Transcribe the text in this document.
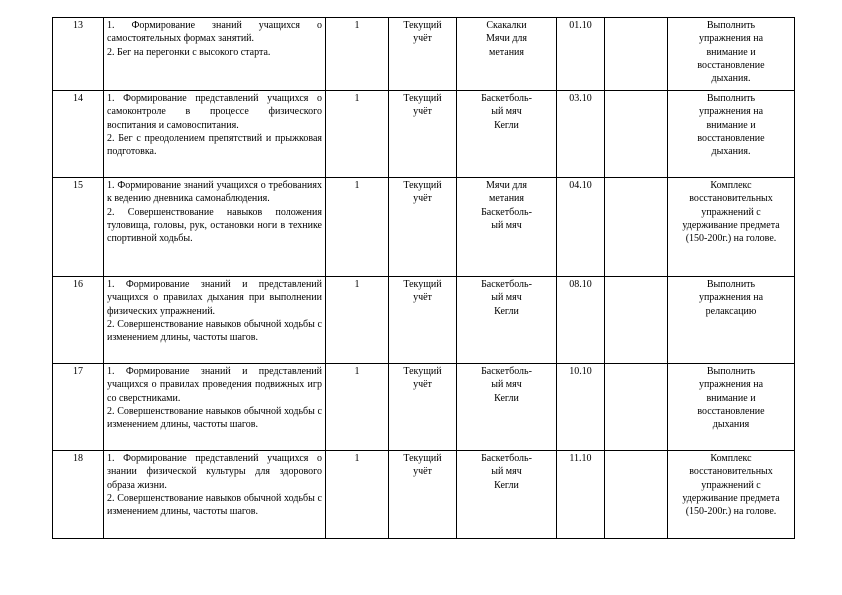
13	1. Формирование знаний учащихся о самостоятельных формах занятий.
2. Бег на перегонки с высокого старта.	1	Текущий
учёт	Скакалки
Мячи для
метания	01.10		Выполнить
упражнения на
внимание и
восстановление
дыхания.

14	1. Формирование представлений учащихся о самоконтроле в процессе физического воспитания и самовоспитания.
2. Бег с преодолением препятствий и прыжковая подготовка.	1	Текущий
учёт	Баскетболь-
ый мяч
Кегли	03.10		Выполнить
упражнения на
внимание и
восстановление
дыхания.

15	1. Формирование знаний учащихся о требованиях к ведению дневника самонаблюдения.
2. Совершенствование навыков положения туловища, головы, рук, остановки ноги в технике спортивной ходьбы.	1	Текущий
учёт	Мячи для
метания
Баскетболь-
ый мяч	04.10		Комплекс
восстановительных
упражнений с
удерживание предмета
(150-200г.) на голове.

16	1. Формирование знаний и представлений учащихся о правилах дыхания при выполнении физических упражнений.
2. Совершенствование навыков обычной ходьбы с изменением длины, частоты шагов.	1	Текущий
учёт	Баскетболь-
ый мяч
Кегли	08.10		Выполнить
упражнения на
релаксацию

17	1. Формирование знаний и представлений учащихся о правилах проведения подвижных игр со сверстниками.
2. Совершенствование навыков обычной ходьбы с изменением длины, частоты шагов.	1	Текущий
учёт	Баскетболь-
ый мяч
Кегли	10.10		Выполнить
упражнения на
внимание и
восстановление
дыхания

18	1. Формирование представлений учащихся о знании физической культуры для здорового образа жизни.
2. Совершенствование навыков обычной ходьбы с изменением длины, частоты шагов.	1	Текущий
учёт	Баскетболь-
ый мяч
Кегли	11.10		Комплекс
восстановительных
упражнений с
удерживание предмета
(150-200г.) на голове.
